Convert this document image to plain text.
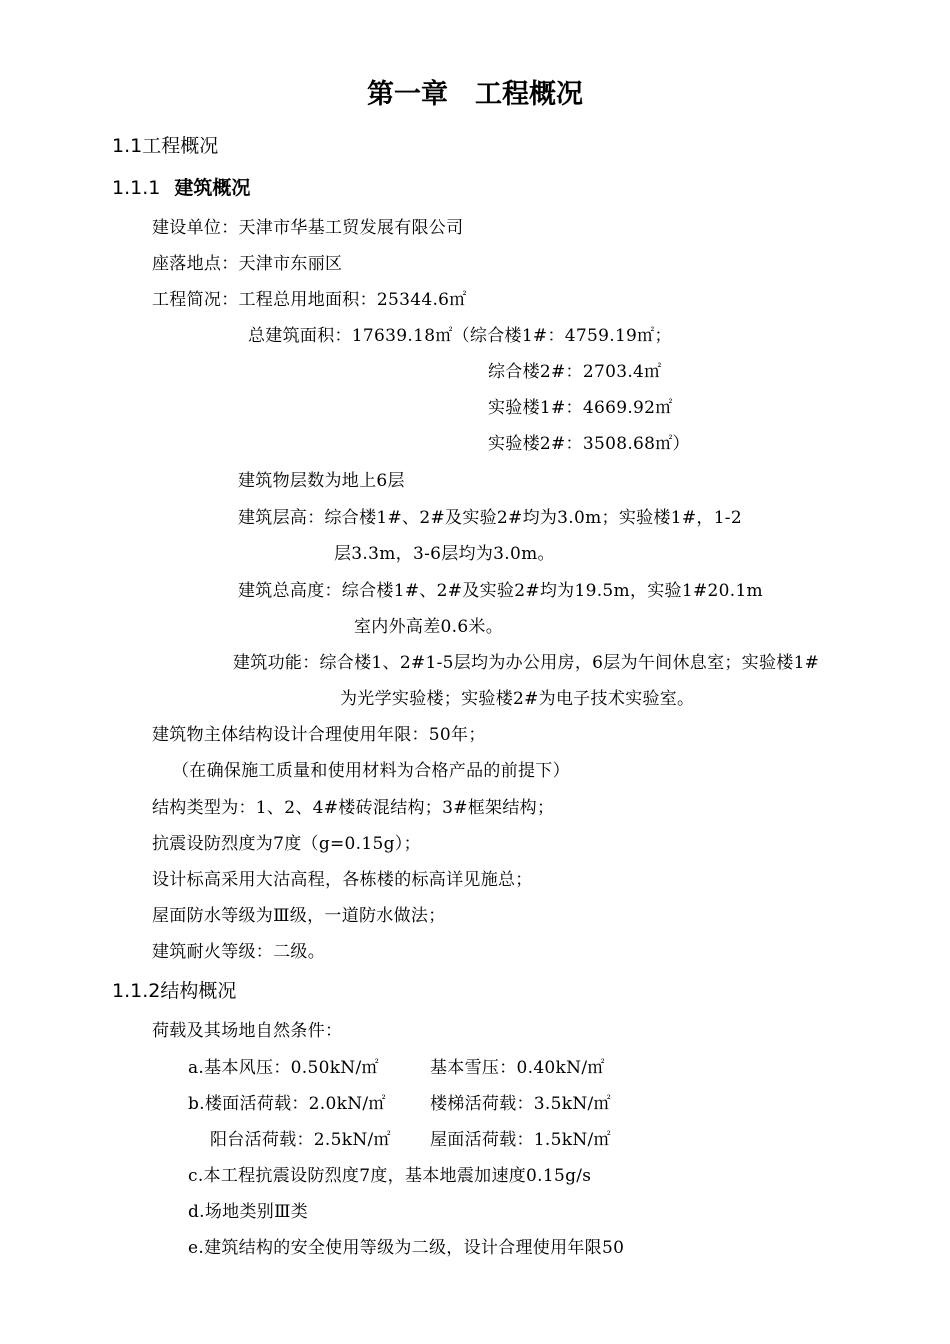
第一章　工程概况
1.1工程概况
1.1.1 建筑概况
建设单位：天津市华基工贸发展有限公司
座落地点：天津市东丽区
工程简况：工程总用地面积：25344.6㎡
总建筑面积：17639.18㎡（综合楼1#：4759.19㎡；
综合楼2#：2703.4㎡
实验楼1#：4669.92㎡
实验楼2#：3508.68㎡）
建筑物层数为地上6层
建筑层高：综合楼1#、2#及实验2#均为3.0m；实验楼1#，1-2
层3.3m，3-6层均为3.0m。
建筑总高度：综合楼1#、2#及实验2#均为19.5m，实验1#20.1m
室内外高差0.6米。
建筑功能：综合楼1、2#1-5层均为办公用房，6层为午间休息室；实验楼1#
为光学实验楼；实验楼2#为电子技术实验室。
建筑物主体结构设计合理使用年限：50年；
（在确保施工质量和使用材料为合格产品的前提下）
结构类型为：1、2、4#楼砖混结构；3#框架结构；
抗震设防烈度为7度（g=0.15g）；
设计标高采用大沽高程，各栋楼的标高详见施总；
屋面防水等级为Ⅲ级，一道防水做法；
建筑耐火等级：二级。
1.1.2结构概况
荷载及其场地自然条件：
a.基本风压：0.50kN/㎡	基本雪压：0.40kN/㎡
b.楼面活荷载：2.0kN/㎡	楼梯活荷载：3.5kN/㎡
阳台活荷载：2.5kN/㎡ 屋面活荷载：1.5kN/㎡
c.本工程抗震设防烈度7度，基本地震加速度0.15g/s
d.场地类别Ⅲ类
e.建筑结构的安全使用等级为二级，设计合理使用年限50
